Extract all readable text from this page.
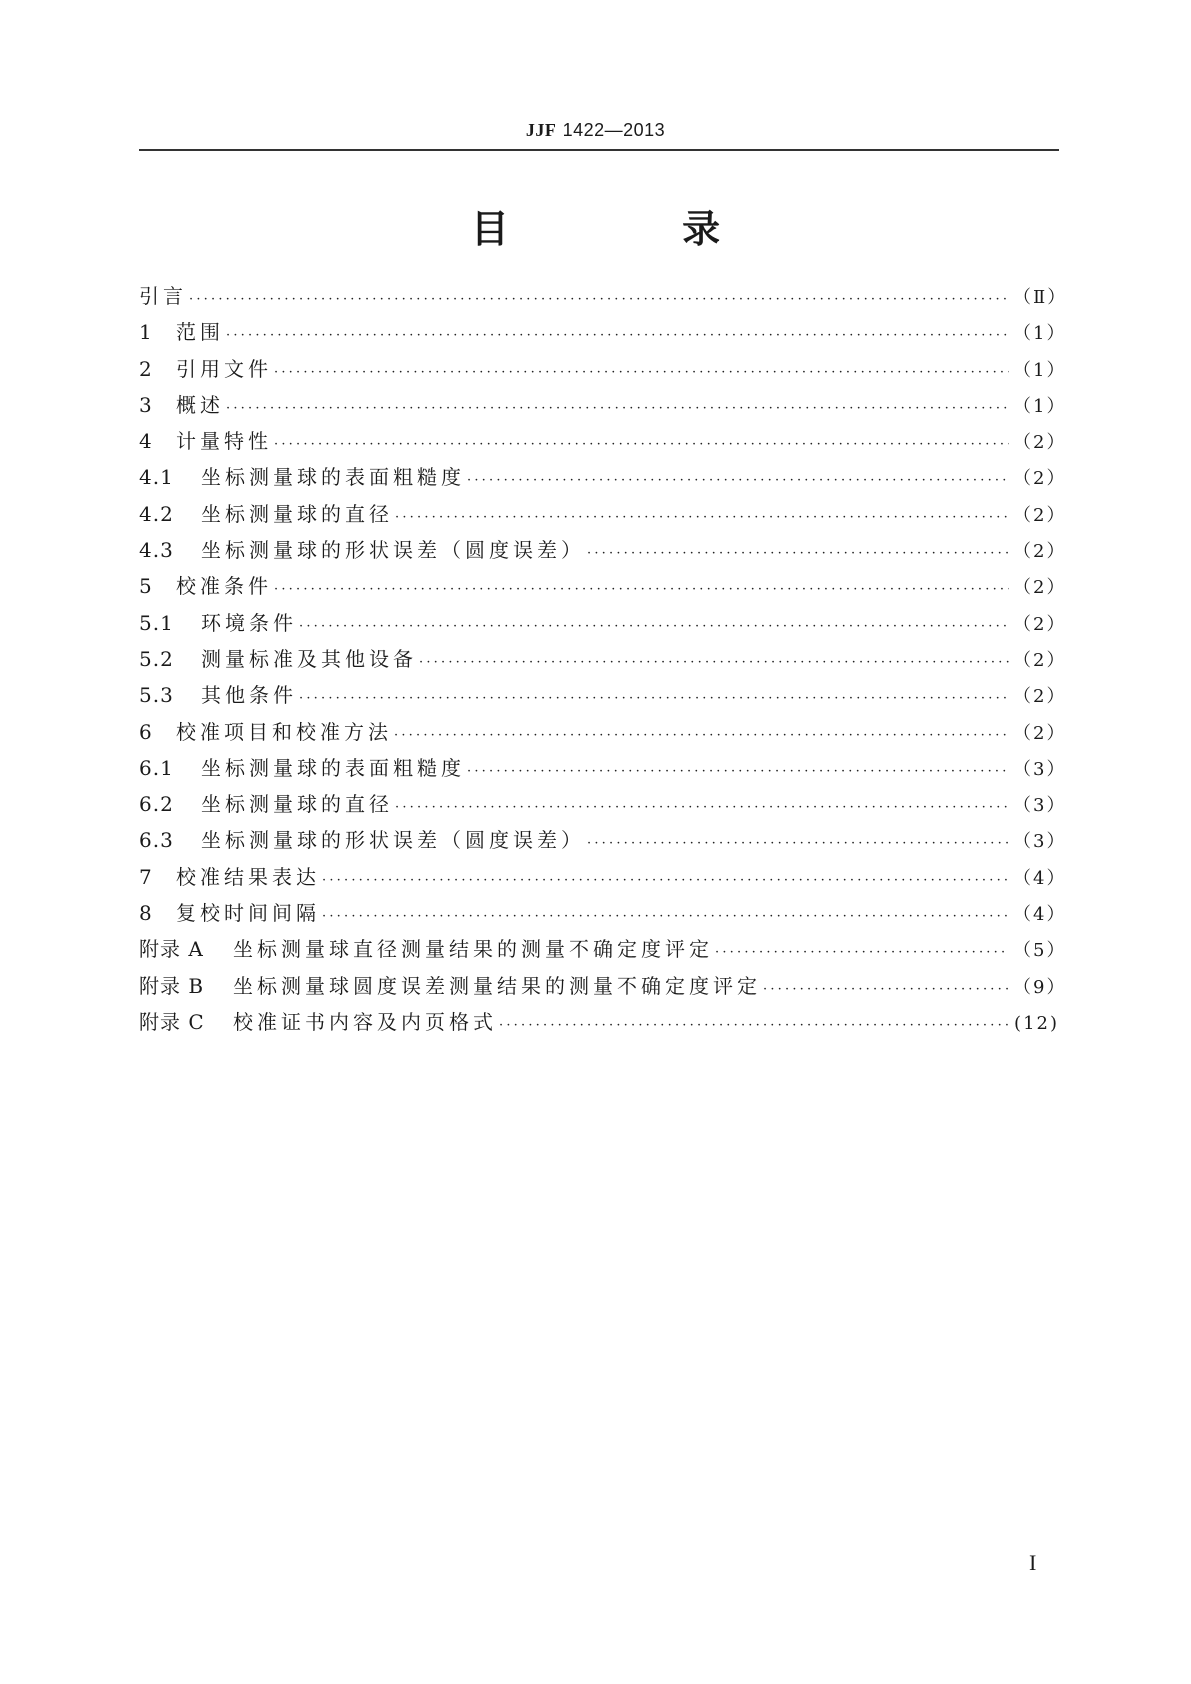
JJF 1422—2013
目 录
引言 ·····	（Ⅱ）
1	范围 ·····	（1）
2	引用文件 ·····	（1）
3	概述 ·····	（1）
4	计量特性 ·····	（2）
4.1	坐标测量球的表面粗糙度 ·····	（2）
4.2	坐标测量球的直径 ·····	（2）
4.3	坐标测量球的形状误差（圆度误差） ·····	（2）
5	校准条件 ·····	（2）
5.1	环境条件 ·····	（2）
5.2	测量标准及其他设备 ·····	（2）
5.3	其他条件 ·····	（2）
6	校准项目和校准方法 ·····	（2）
6.1	坐标测量球的表面粗糙度 ·····	（3）
6.2	坐标测量球的直径 ·····	（3）
6.3	坐标测量球的形状误差（圆度误差） ·····	（3）
7	校准结果表达 ·····	（4）
8	复校时间间隔 ·····	（4）
附录 A	坐标测量球直径测量结果的测量不确定度评定 ·····	（5）
附录 B	坐标测量球圆度误差测量结果的测量不确定度评定 ·····	（9）
附录 C	校准证书内容及内页格式 ·····	(12)
I
